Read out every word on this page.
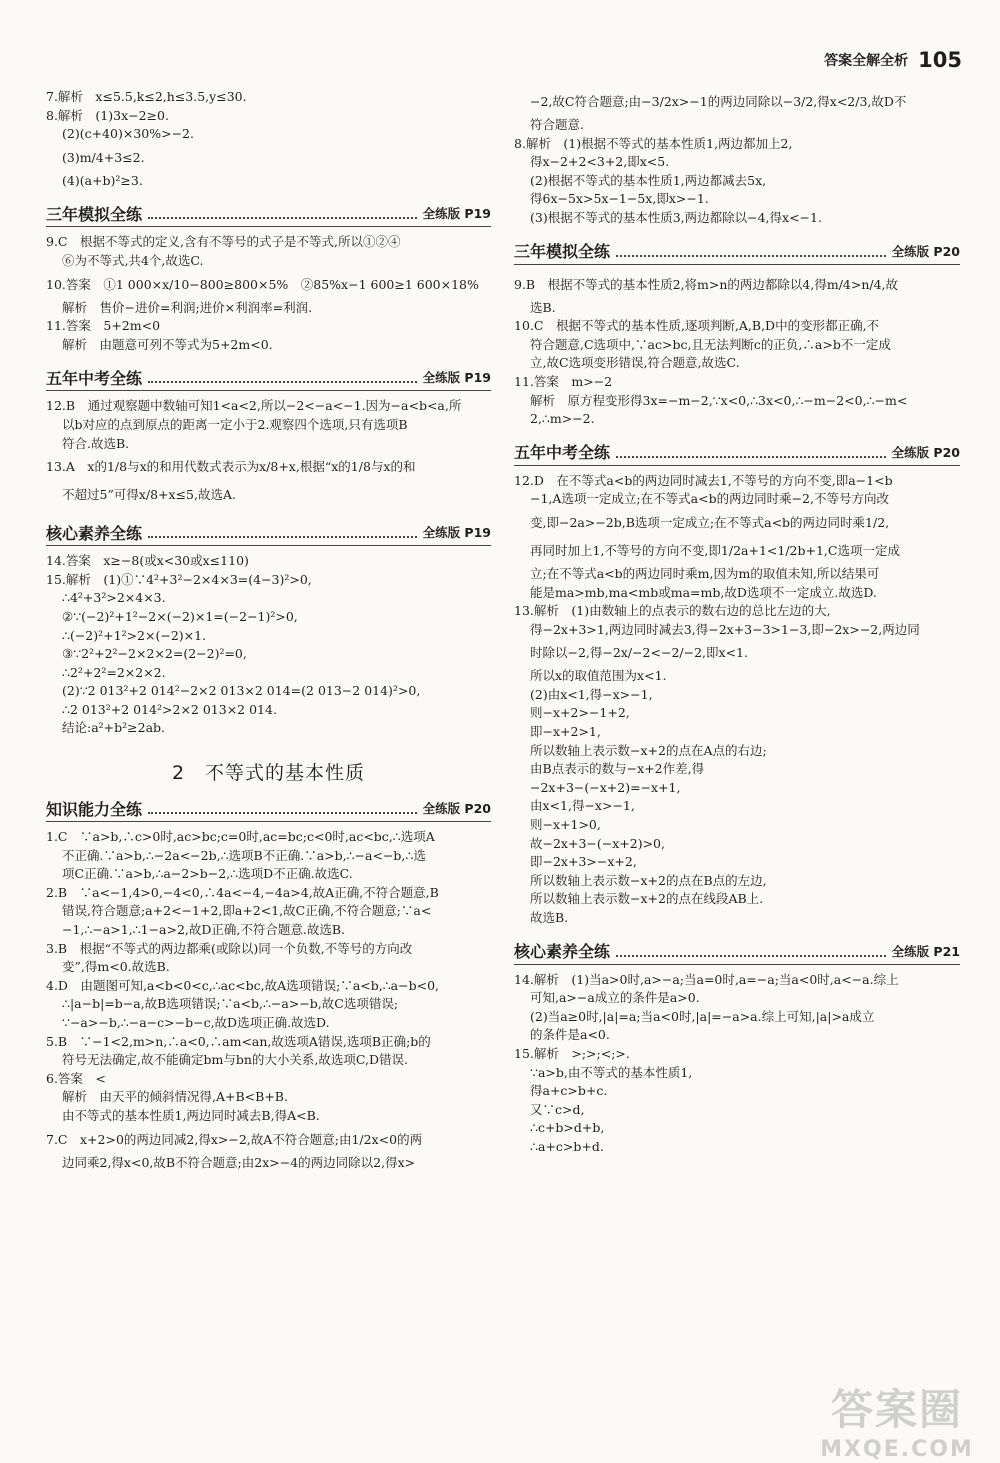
答案全解全析 105
7.解析　x≤5.5,k≤2,h≤3.5,y≤30.
8.解析　(1)3x−2≥0.
(2)(c+40)×30%>−2.
(3)m/4+3≤2.
(4)(a+b)²≥3.
三年模拟全练	全练版 P19
9.C　根据不等式的定义,含有不等号的式子是不等式,所以①②④
⑥为不等式,共4个,故选C.
10.答案　①1 000×x/10−800≥800×5%　②85%x−1 600≥1 600×18%
解析　售价−进价=利润;进价×利润率=利润.
11.答案　5+2m<0
解析　由题意可列不等式为5+2m<0.
五年中考全练	全练版 P19
12.B　通过观察题中数轴可知1<a<2,所以−2<−a<−1.因为−a<b<a,所
以b对应的点到原点的距离一定小于2.观察四个选项,只有选项B
符合.故选B.
13.A　x的1/8与x的和用代数式表示为x/8+x,根据“x的1/8与x的和
不超过5”可得x/8+x≤5,故选A.
核心素养全练	全练版 P19
14.答案　x≥−8(或x<30或x≤110)
15.解析　(1)①∵4²+3²−2×4×3=(4−3)²>0,
∴4²+3²>2×4×3.
②∵(−2)²+1²−2×(−2)×1=(−2−1)²>0,
∴(−2)²+1²>2×(−2)×1.
③∵2²+2²−2×2×2=(2−2)²=0,
∴2²+2²=2×2×2.
(2)∵2 013²+2 014²−2×2 013×2 014=(2 013−2 014)²>0,
∴2 013²+2 014²>2×2 013×2 014.
结论:a²+b²≥2ab.
2　不等式的基本性质
知识能力全练	全练版 P20
1.C　∵a>b,∴c>0时,ac>bc;c=0时,ac=bc;c<0时,ac<bc,∴选项A
不正确.∵a>b,∴−2a<−2b,∴选项B不正确.∵a>b,∴−a<−b,∴选
项C正确.∵a>b,∴a−2>b−2,∴选项D不正确.故选C.
2.B　∵a<−1,4>0,−4<0,∴4a<−4,−4a>4,故A正确,不符合题意,B
错误,符合题意;a+2<−1+2,即a+2<1,故C正确,不符合题意;∵a<
−1,∴−a>1,∴1−a>2,故D正确,不符合题意.故选B.
3.B　根据“不等式的两边都乘(或除以)同一个负数,不等号的方向改
变”,得m<0.故选B.
4.D　由题图可知,a<b<0<c,∴ac<bc,故A选项错误;∵a<b,∴a−b<0,
∴|a−b|=b−a,故B选项错误;∵a<b,∴−a>−b,故C选项错误;
∵−a>−b,∴−a−c>−b−c,故D选项正确.故选D.
5.B　∵−1<2,m>n,∴a<0,∴am<an,故选项A错误,选项B正确;b的
符号无法确定,故不能确定bm与bn的大小关系,故选项C,D错误.
6.答案　<
解析　由天平的倾斜情况得,A+B<B+B.
由不等式的基本性质1,两边同时减去B,得A<B.
7.C　x+2>0的两边同减2,得x>−2,故A不符合题意;由1/2x<0的两
边同乘2,得x<0,故B不符合题意;由2x>−4的两边同除以2,得x>
−2,故C符合题意;由−3/2x>−1的两边同除以−3/2,得x<2/3,故D不
符合题意.
8.解析　(1)根据不等式的基本性质1,两边都加上2,
得x−2+2<3+2,即x<5.
(2)根据不等式的基本性质1,两边都减去5x,
得6x−5x>5x−1−5x,即x>−1.
(3)根据不等式的基本性质3,两边都除以−4,得x<−1.
三年模拟全练	全练版 P20
9.B　根据不等式的基本性质2,将m>n的两边都除以4,得m/4>n/4,故
选B.
10.C　根据不等式的基本性质,逐项判断,A,B,D中的变形都正确,不
符合题意,C选项中,∵ac>bc,且无法判断c的正负,∴a>b不一定成
立,故C选项变形错误,符合题意,故选C.
11.答案　m>−2
解析　原方程变形得3x=−m−2,∵x<0,∴3x<0,∴−m−2<0,∴−m<
2,∴m>−2.
五年中考全练	全练版 P20
12.D　在不等式a<b的两边同时减去1,不等号的方向不变,即a−1<b
−1,A选项一定成立;在不等式a<b的两边同时乘−2,不等号方向改
变,即−2a>−2b,B选项一定成立;在不等式a<b的两边同时乘1/2,
再同时加上1,不等号的方向不变,即1/2a+1<1/2b+1,C选项一定成
立;在不等式a<b的两边同时乘m,因为m的取值未知,所以结果可
能是ma>mb,ma<mb或ma=mb,故D选项不一定成立.故选D.
13.解析　(1)由数轴上的点表示的数右边的总比左边的大,
得−2x+3>1,两边同时减去3,得−2x+3−3>1−3,即−2x>−2,两边同
时除以−2,得−2x/−2<−2/−2,即x<1.
所以x的取值范围为x<1.
(2)由x<1,得−x>−1,
则−x+2>−1+2,
即−x+2>1,
所以数轴上表示数−x+2的点在A点的右边;
由B点表示的数与−x+2作差,得
−2x+3−(−x+2)=−x+1,
由x<1,得−x>−1,
则−x+1>0,
故−2x+3−(−x+2)>0,
即−2x+3>−x+2,
所以数轴上表示数−x+2的点在B点的左边,
所以数轴上表示数−x+2的点在线段AB上.
故选B.
核心素养全练	全练版 P21
14.解析　(1)当a>0时,a>−a;当a=0时,a=−a;当a<0时,a<−a.综上
可知,a>−a成立的条件是a>0.
(2)当a≥0时,|a|=a;当a<0时,|a|=−a>a.综上可知,|a|>a成立
的条件是a<0.
15.解析　>;>;<;>.
∵a>b,由不等式的基本性质1,
得a+c>b+c.
又∵c>d,
∴c+b>d+b,
∴a+c>b+d.
答案圈
MXQE.COM
